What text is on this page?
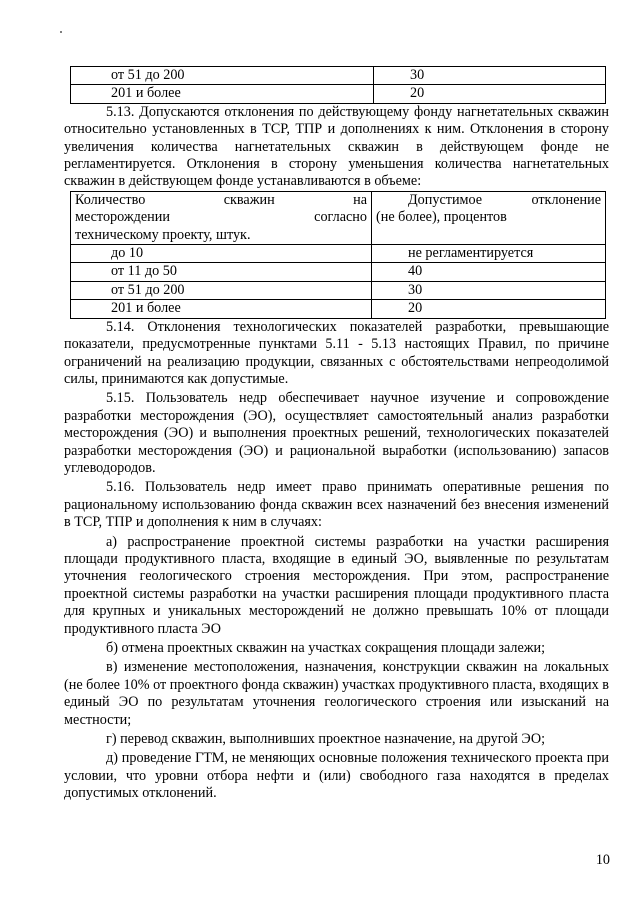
от 51 до 200	30
201 и более	20

5.13. Допускаются отклонения по действующему фонду нагнетательных скважин относительно установленных в ТСР, ТПР и дополнениях к ним. Отклонения в сторону увеличения количества нагнетательных скважин в действующем фонде не регламентируется. Отклонения в сторону уменьшения количества нагнетательных скважин в действующем фонде устанавливаются в объеме:

Количество скважин на
месторождении согласно
техническому проекту, штук.	Допустимое отклонение
(не более), процентов

до 10	не регламентируется
от 11 до 50	40
от 51 до 200	30
201 и более	20

5.14. Отклонения технологических показателей разработки, превышающие показатели, предусмотренные пунктами 5.11 - 5.13 настоящих Правил, по причине ограничений на реализацию продукции, связанных с обстоятельствами непреодолимой силы, принимаются как допустимые.

5.15. Пользователь недр обеспечивает научное изучение и сопровождение разработки месторождения (ЭО), осуществляет самостоятельный анализ разработки месторождения (ЭО) и выполнения проектных решений, технологических показателей разработки месторождения (ЭО) и рациональной выработки (использованию) запасов углеводородов.

5.16. Пользователь недр имеет право принимать оперативные решения по рациональному использованию фонда скважин всех назначений без внесения изменений в ТСР, ТПР и дополнения к ним в случаях:

а) распространение проектной системы разработки на участки расширения площади продуктивного пласта, входящие в единый ЭО, выявленные по результатам уточнения геологического строения месторождения. При этом, распространение проектной системы разработки на участки расширения площади продуктивного пласта для крупных и уникальных месторождений не должно превышать 10% от площади продуктивного пласта ЭО

б) отмена проектных скважин на участках сокращения площади залежи;

в) изменение местоположения, назначения, конструкции скважин на локальных (не более 10% от проектного фонда скважин) участках продуктивного пласта, входящих в единый ЭО по результатам уточнения геологического строения или изысканий на местности;

г) перевод скважин, выполнивших проектное назначение, на другой ЭО;

д) проведение ГТМ, не меняющих основные положения технического проекта при условии, что уровни отбора нефти и (или) свободного газа находятся в пределах допустимых отклонений.

10
